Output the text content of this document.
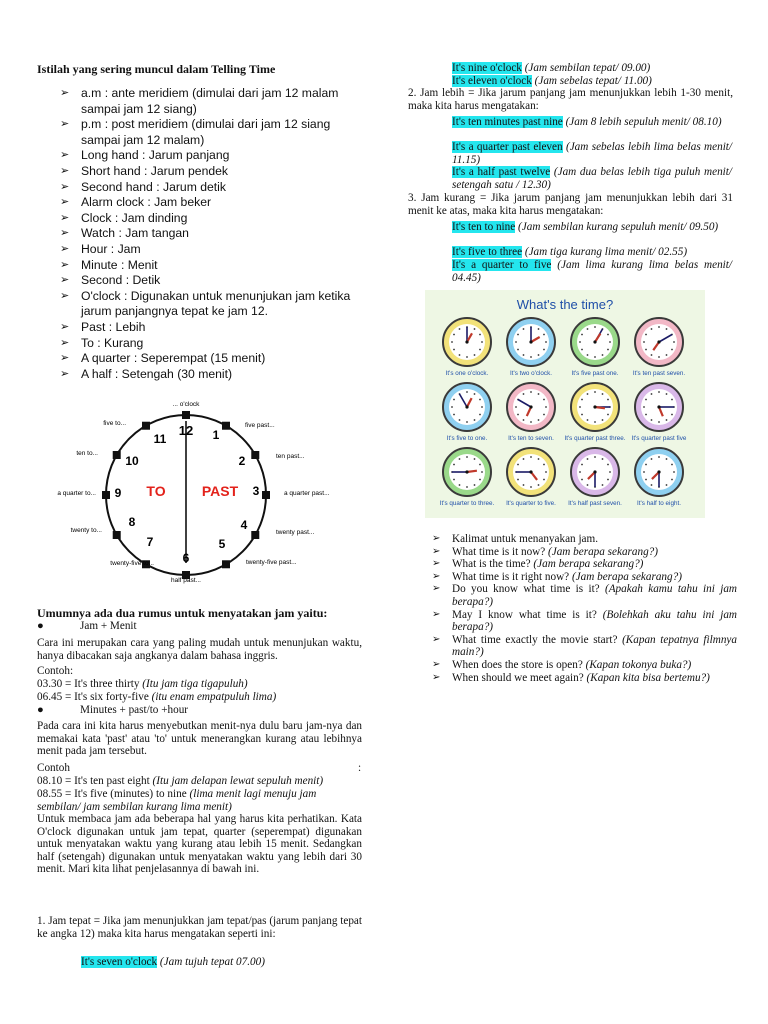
Istilah yang sering muncul dalam Telling Time
➢ a.m : ante meridiem (dimulai dari jam 12 malam sampai jam 12 siang)
➢ p.m : post meridiem (dimulai dari jam 12 siang sampai jam 12 malam)
➢ Long hand : Jarum panjang
➢ Short hand : Jarum pendek
➢ Second hand : Jarum detik
➢ Alarm clock : Jam beker
➢ Clock : Jam dinding
➢ Watch : Jam tangan
➢ Hour : Jam
➢ Minute : Menit
➢ Second : Detik
➢ O'clock : Digunakan untuk menunjukan jam ketika jarum panjangnya tepat ke jam 12.
➢ Past : Lebih
➢ To : Kurang
➢ A quarter : Seperempat (15 menit)
➢ A half : Setengah (30 menit)
12 1
2
3
4
5
6
7
8
9
10
11
TO	PAST
... o'clock
five past...
ten past...
a quarter past...
twenty past...
twenty-five past...
half past...
twenty-five to...
twenty to...
a quarter to...
ten to...
five to...
Umumnya ada dua rumus untuk menyatakan jam yaitu:
●	Jam + Menit
Cara ini merupakan cara yang paling mudah untuk menunjukan waktu, hanya dibacakan saja angkanya dalam bahasa inggris.
Contoh:
03.30 = It's three thirty (Itu jam tiga tigapuluh)
06.45 = It's six forty-five (itu enam empatpuluh lima)
●	Minutes + past/to +hour
Pada cara ini kita harus menyebutkan menit-nya dulu baru jam-nya dan memakai kata 'past' atau 'to' untuk menerangkan kurang atau lebihnya menit pada jam tersebut.
Contoh	:
08.10 = It's ten past eight (Itu jam delapan lewat sepuluh menit)
08.55 = It's five (minutes) to nine (lima menit lagi menuju jam sembilan/ jam sembilan kurang lima menit)
Untuk membaca jam ada beberapa hal yang harus kita perhatikan. Kata O'clock digunakan untuk jam tepat, quarter (seperempat) digunakan untuk menyatakan waktu yang kurang atau lebih 15 menit. Sedangkan half (setengah) digunakan untuk menyatakan waktu yang lebih dari 30 menit. Mari kita lihat penjelasannya di bawah ini.
1. Jam tepat = Jika jam menunjukkan jam tepat/pas (jarum panjang tepat ke angka 12) maka kita harus mengatakan seperti ini:
It's seven o'clock (Jam tujuh tepat 07.00)
It's nine o'clock (Jam sembilan tepat/ 09.00)
It's eleven o'clock (Jam sebelas tepat/ 11.00)
2. Jam lebih = Jika jarum panjang jam menunjukkan lebih 1-30 menit, maka kita harus mengatakan:
It's ten minutes past nine (Jam 8 lebih sepuluh menit/ 08.10)
It's a quarter past eleven (Jam sebelas lebih lima belas menit/ 11.15)
It's a half past twelve (Jam dua belas lebih tiga puluh menit/ setengah satu / 12.30)
3. Jam kurang = Jika jarum panjang jam menunjukkan lebih dari 31 menit ke atas, maka kita harus mengatakan:
It's ten to nine (Jam sembilan kurang sepuluh menit/ 09.50)
It's five to three (Jam tiga kurang lima menit/ 02.55)
It's a quarter to five (Jam lima kurang lima belas menit/ 04.45)
What's the time?
It's one o'clock.	It's two o'clock.	It's five past one. It's ten past seven.
It's five to one.	It's ten to seven. It's quarter past three. It's quarter past five
It's quarter to three. It's quarter to five. It's half past seven. It's half to eight.
➢ Kalimat untuk menanyakan jam.
➢ What time is it now? (Jam berapa sekarang?)
➢ What is the time? (Jam berapa sekarang?)
➢ What time is it right now? (Jam berapa sekarang?)
➢ Do you know what time is it? (Apakah kamu tahu ini jam berapa?)
➢ May I know what time is it? (Bolehkah aku tahu ini jam berapa?)
➢ What time exactly the movie start? (Kapan tepatnya filmnya main?)
➢ When does the store is open? (Kapan tokonya buka?)
➢ When should we meet again? (Kapan kita bisa bertemu?)
